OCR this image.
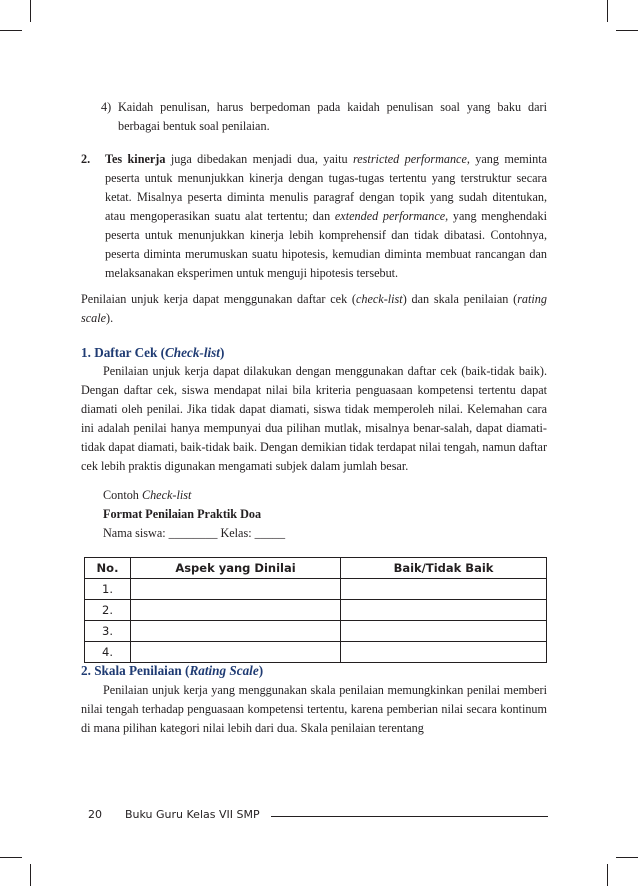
4) Kaidah penulisan, harus berpedoman pada kaidah penulisan soal yang baku dari berbagai bentuk soal penilaian.
2.	Tes kinerja juga dibedakan menjadi dua, yaitu restricted performance, yang meminta peserta untuk menunjukkan kinerja dengan tugas-tugas tertentu yang terstruktur secara ketat. Misalnya peserta diminta menulis paragraf dengan topik yang sudah ditentukan, atau mengoperasikan suatu alat tertentu; dan extended performance, yang menghendaki peserta untuk menunjukkan kinerja lebih komprehensif dan tidak dibatasi. Contohnya, peserta diminta merumuskan suatu hipotesis, kemudian diminta membuat rancangan dan melaksanakan eksperimen untuk menguji hipotesis tersebut.
Penilaian unjuk kerja dapat menggunakan daftar cek (check-list) dan skala penilaian (rating scale).
1. Daftar Cek (Check-list)
Penilaian unjuk kerja dapat dilakukan dengan menggunakan daftar cek (baik-tidak baik). Dengan daftar cek, siswa mendapat nilai bila kriteria penguasaan kompetensi tertentu dapat diamati oleh penilai. Jika tidak dapat diamati, siswa tidak memperoleh nilai. Kelemahan cara ini adalah penilai hanya mempunyai dua pilihan mutlak, misalnya benar-salah, dapat diamati-tidak dapat diamati, baik-tidak baik. Dengan demikian tidak terdapat nilai tengah, namun daftar cek lebih praktis digunakan mengamati subjek dalam jumlah besar.
Contoh Check-list
Format Penilaian Praktik Doa
Nama siswa: ________ Kelas: _____
No.	Aspek yang Dinilai	Baik/Tidak Baik
1.		
2.		
3.		
4.		
2. Skala Penilaian (Rating Scale)
Penilaian unjuk kerja yang menggunakan skala penilaian memungkinkan penilai memberi nilai tengah terhadap penguasaan kompetensi tertentu, karena pemberian nilai secara kontinum di mana pilihan kategori nilai lebih dari dua. Skala penilaian terentang
20 Buku Guru Kelas VII SMP
